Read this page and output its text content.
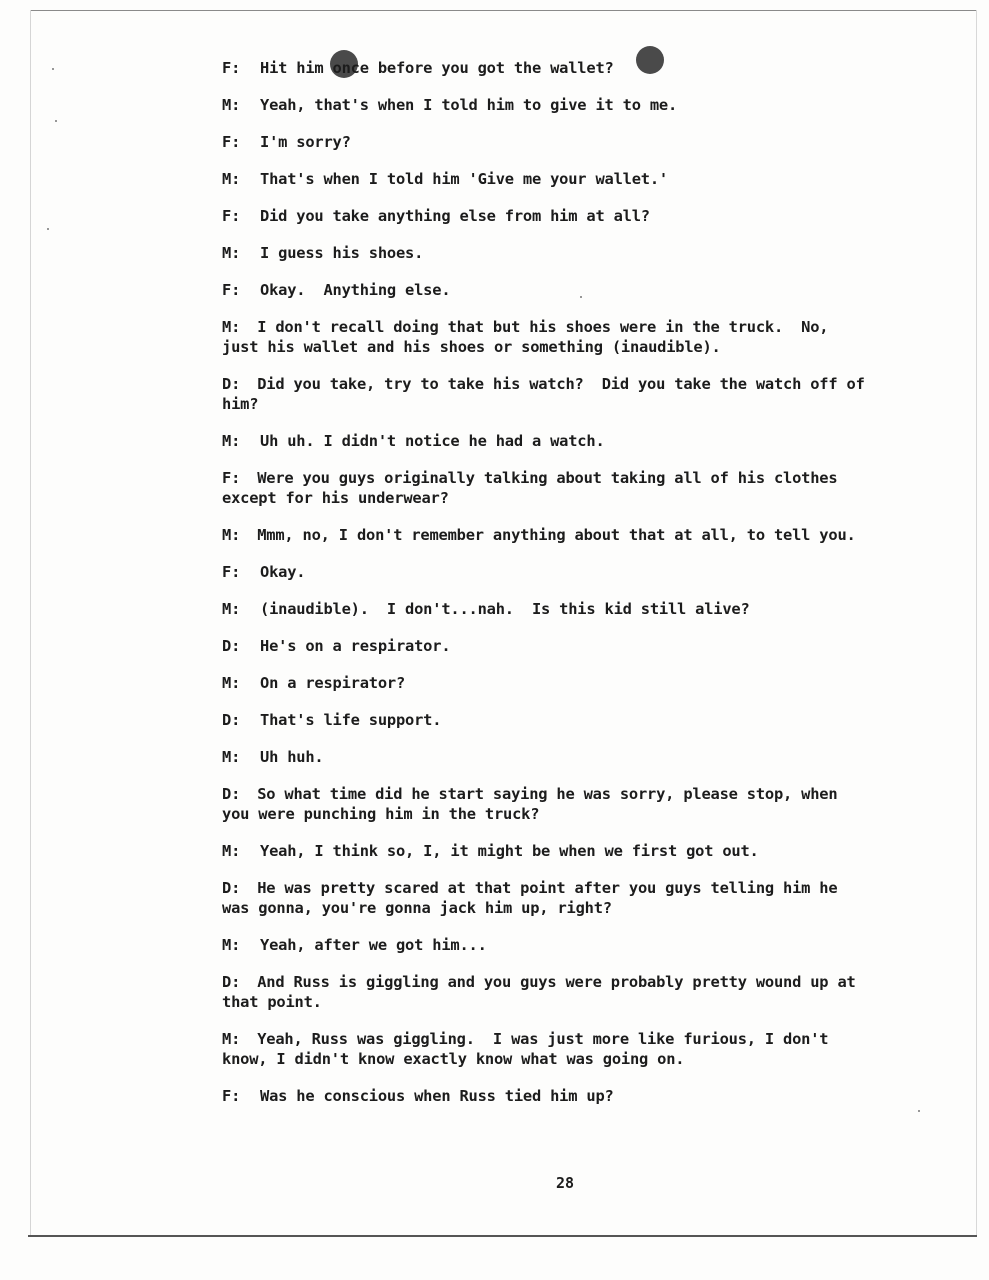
F:	Hit him once before you got the wallet?
M:	Yeah, that's when I told him to give it to me.
F:	I'm sorry?
M:	That's when I told him 'Give me your wallet.'
F:	Did you take anything else from him at all?
M:	I guess his shoes.
F:	Okay.  Anything else.
M: I don't recall doing that but his shoes were in the truck.  No, just his wallet and his shoes or something (inaudible).
D: Did you take, try to take his watch?  Did you take the watch off of him?
M:	Uh uh. I didn't notice he had a watch.
F: Were you guys originally talking about taking all of his clothes except for his underwear?
M: Mmm, no, I don't remember anything about that at all, to tell you.
F:	Okay.
M:	(inaudible).  I don't...nah.  Is this kid still alive?
D:	He's on a respirator.
M:	On a respirator?
D:	That's life support.
M:	Uh huh.
D: So what time did he start saying he was sorry, please stop, when you were punching him in the truck?
M:	Yeah, I think so, I, it might be when we first got out.
D: He was pretty scared at that point after you guys telling him he was gonna, you're gonna jack him up, right?
M:	Yeah, after we got him...
D: And Russ is giggling and you guys were probably pretty wound up at that point.
M: Yeah, Russ was giggling.  I was just more like furious, I don't know, I didn't know exactly know what was going on.
F:	Was he conscious when Russ tied him up?
28
